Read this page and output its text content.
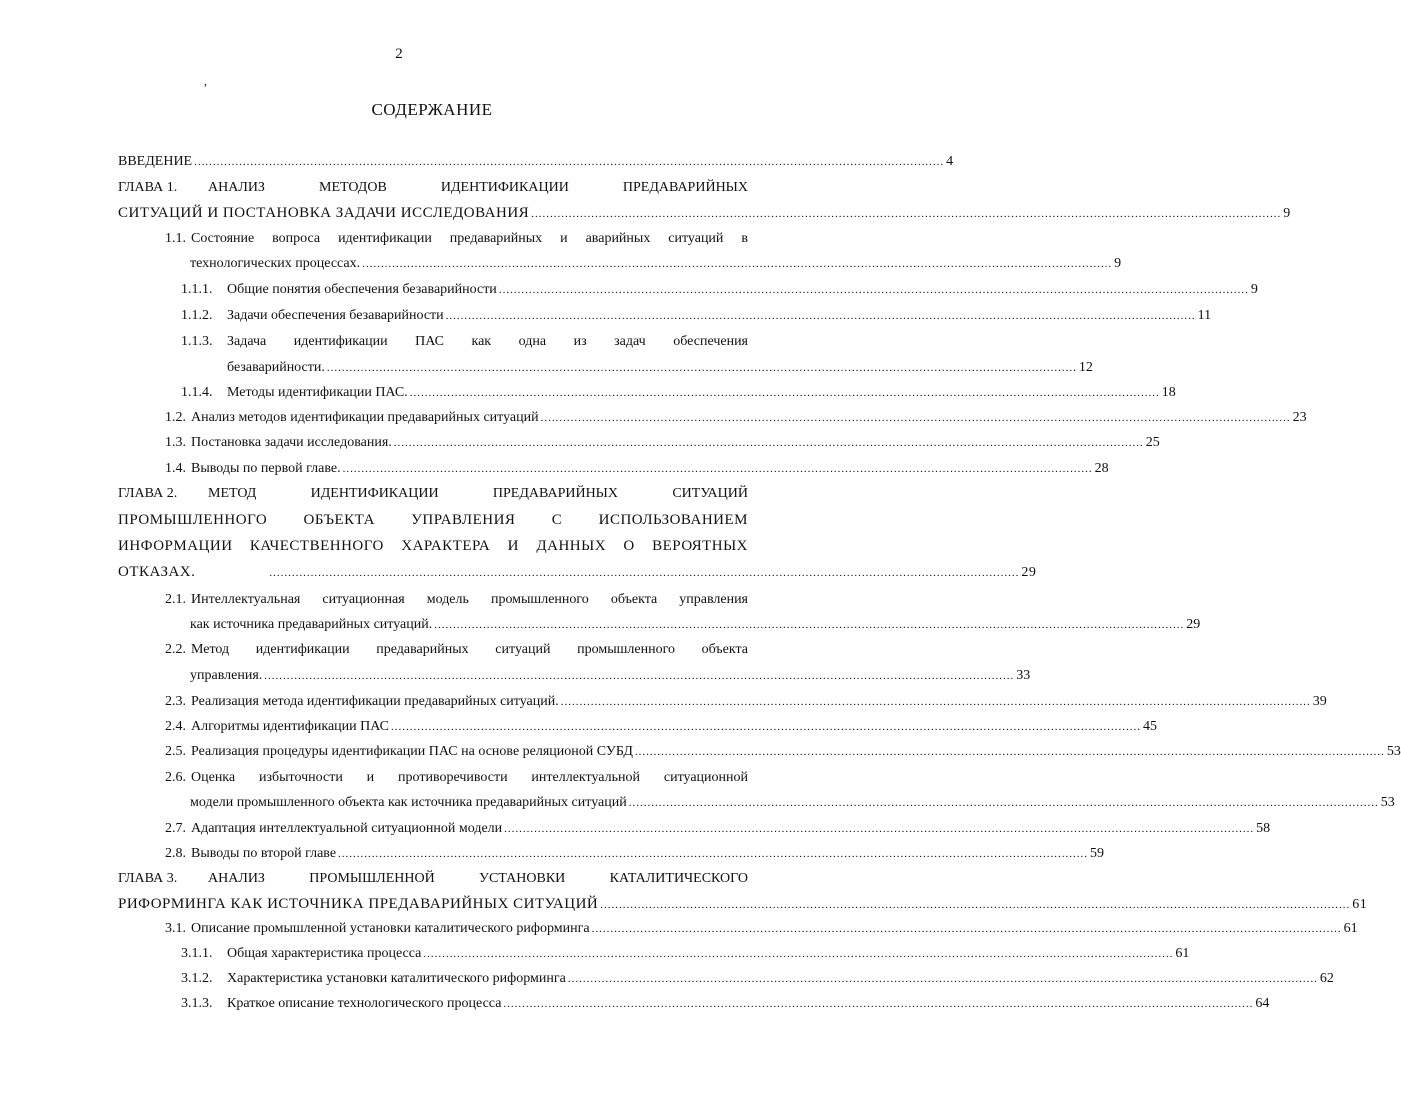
2
,
СОДЕРЖАНИЕ
ВВЕДЕНИЕ ........................................................................................................................................................................................................ 4
ГЛАВА 1.	АНАЛИЗ МЕТОДОВ ИДЕНТИФИКАЦИИ ПРЕДАВАРИЙНЫХ
СИТУАЦИЙ И ПОСТАНОВКА ЗАДАЧИ ИССЛЕДОВАНИЯ ........................................................................................................................................................................................................ 9
1.1. Состояние вопроса идентификации предаварийных и аварийных ситуаций в
технологических процессах. ........................................................................................................................................................................................................ 9
1.1.1.	Общие понятия обеспечения безаварийности ........................................................................................................................................................................................................ 9
1.1.2.	Задачи обеспечения безаварийности ........................................................................................................................................................................................................ 11
1.1.3.	Задача идентификации ПАС как одна из задач обеспечения
безаварийности. ........................................................................................................................................................................................................ 12
1.1.4.	Методы идентификации ПАС. ........................................................................................................................................................................................................ 18
1.2. Анализ методов идентификации предаварийных ситуаций ........................................................................................................................................................................................................ 23
1.3. Постановка задачи исследования. ........................................................................................................................................................................................................ 25
1.4. Выводы по первой главе. ........................................................................................................................................................................................................ 28
ГЛАВА 2.	МЕТОД ИДЕНТИФИКАЦИИ ПРЕДАВАРИЙНЫХ СИТУАЦИЙ
ПРОМЫШЛЕННОГО ОБЪЕКТА УПРАВЛЕНИЯ С ИСПОЛЬЗОВАНИЕМ
ИНФОРМАЦИИ КАЧЕСТВЕННОГО ХАРАКТЕРА И ДАННЫХ О ВЕРОЯТНЫХ
ОТКАЗАХ.	........................................................................................................................................................................................................ 29
2.1. Интеллектуальная ситуационная модель промышленного объекта управления
как источника предаварийных ситуаций. ........................................................................................................................................................................................................ 29
2.2. Метод идентификации предаварийных ситуаций промышленного объекта
управления. ........................................................................................................................................................................................................ 33
2.3. Реализация метода идентификации предаварийных ситуаций. ........................................................................................................................................................................................................ 39
2.4. Алгоритмы идентификации ПАС ........................................................................................................................................................................................................ 45
2.5. Реализация процедуры идентификации ПАС на основе реляционой СУБД ........................................................................................................................................................................................................ 53
2.6. Оценка избыточности и противоречивости интеллектуальной ситуационной
модели промышленного объекта как источника предаварийных ситуаций ........................................................................................................................................................................................................ 53
2.7. Адаптация интеллектуальной ситуационной модели ........................................................................................................................................................................................................ 58
2.8. Выводы по второй главе ........................................................................................................................................................................................................ 59
ГЛАВА 3.	АНАЛИЗ ПРОМЫШЛЕННОЙ УСТАНОВКИ КАТАЛИТИЧЕСКОГО
РИФОРМИНГА КАК ИСТОЧНИКА ПРЕДАВАРИЙНЫХ СИТУАЦИЙ ........................................................................................................................................................................................................ 61
3.1. Описание промышленной установки каталитического риформинга ........................................................................................................................................................................................................ 61
3.1.1.	Общая характеристика процесса ........................................................................................................................................................................................................ 61
3.1.2.	Характеристика установки каталитического риформинга ........................................................................................................................................................................................................ 62
3.1.3.	Краткое описание технологического процесса ........................................................................................................................................................................................................ 64
